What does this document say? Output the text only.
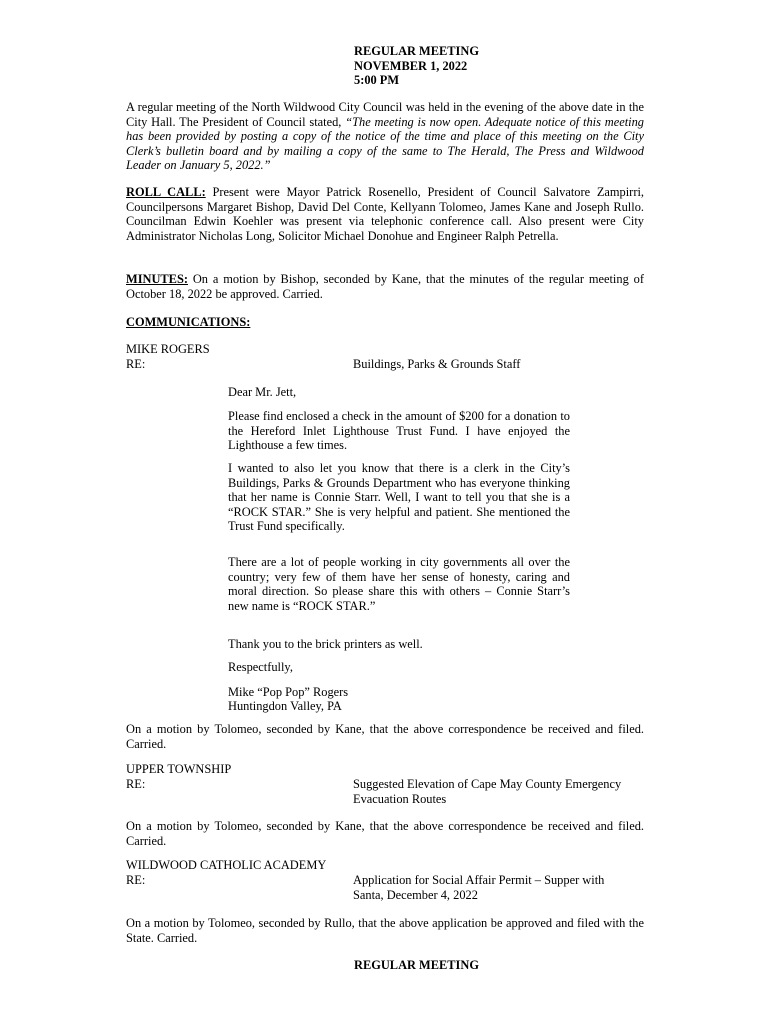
REGULAR MEETING
NOVEMBER 1, 2022
5:00 PM
A regular meeting of the North Wildwood City Council was held in the evening of the above date in the City Hall. The President of Council stated, “The meeting is now open. Adequate notice of this meeting has been provided by posting a copy of the notice of the time and place of this meeting on the City Clerk’s bulletin board and by mailing a copy of the same to The Herald, The Press and Wildwood Leader on January 5, 2022.”
ROLL CALL: Present were Mayor Patrick Rosenello, President of Council Salvatore Zampirri, Councilpersons Margaret Bishop, David Del Conte, Kellyann Tolomeo, James Kane and Joseph Rullo. Councilman Edwin Koehler was present via telephonic conference call. Also present were City Administrator Nicholas Long, Solicitor Michael Donohue and Engineer Ralph Petrella.
MINUTES: On a motion by Bishop, seconded by Kane, that the minutes of the regular meeting of October 18, 2022 be approved. Carried.
COMMUNICATIONS:
MIKE ROGERS
RE:	Buildings, Parks & Grounds Staff
Dear Mr. Jett,
Please find enclosed a check in the amount of $200 for a donation to the Hereford Inlet Lighthouse Trust Fund. I have enjoyed the Lighthouse a few times.
I wanted to also let you know that there is a clerk in the City’s Buildings, Parks & Grounds Department who has everyone thinking that her name is Connie Starr. Well, I want to tell you that she is a “ROCK STAR.” She is very helpful and patient. She mentioned the Trust Fund specifically.
There are a lot of people working in city governments all over the country; very few of them have her sense of honesty, caring and moral direction. So please share this with others – Connie Starr’s new name is “ROCK STAR.”
Thank you to the brick printers as well.
Respectfully,
Mike “Pop Pop” Rogers
Huntingdon Valley, PA
On a motion by Tolomeo, seconded by Kane, that the above correspondence be received and filed. Carried.
UPPER TOWNSHIP
RE:	Suggested Elevation of Cape May County Emergency Evacuation Routes
On a motion by Tolomeo, seconded by Kane, that the above correspondence be received and filed. Carried.
WILDWOOD CATHOLIC ACADEMY
RE:	Application for Social Affair Permit – Supper with Santa, December 4, 2022
On a motion by Tolomeo, seconded by Rullo, that the above application be approved and filed with the State. Carried.
REGULAR MEETING
